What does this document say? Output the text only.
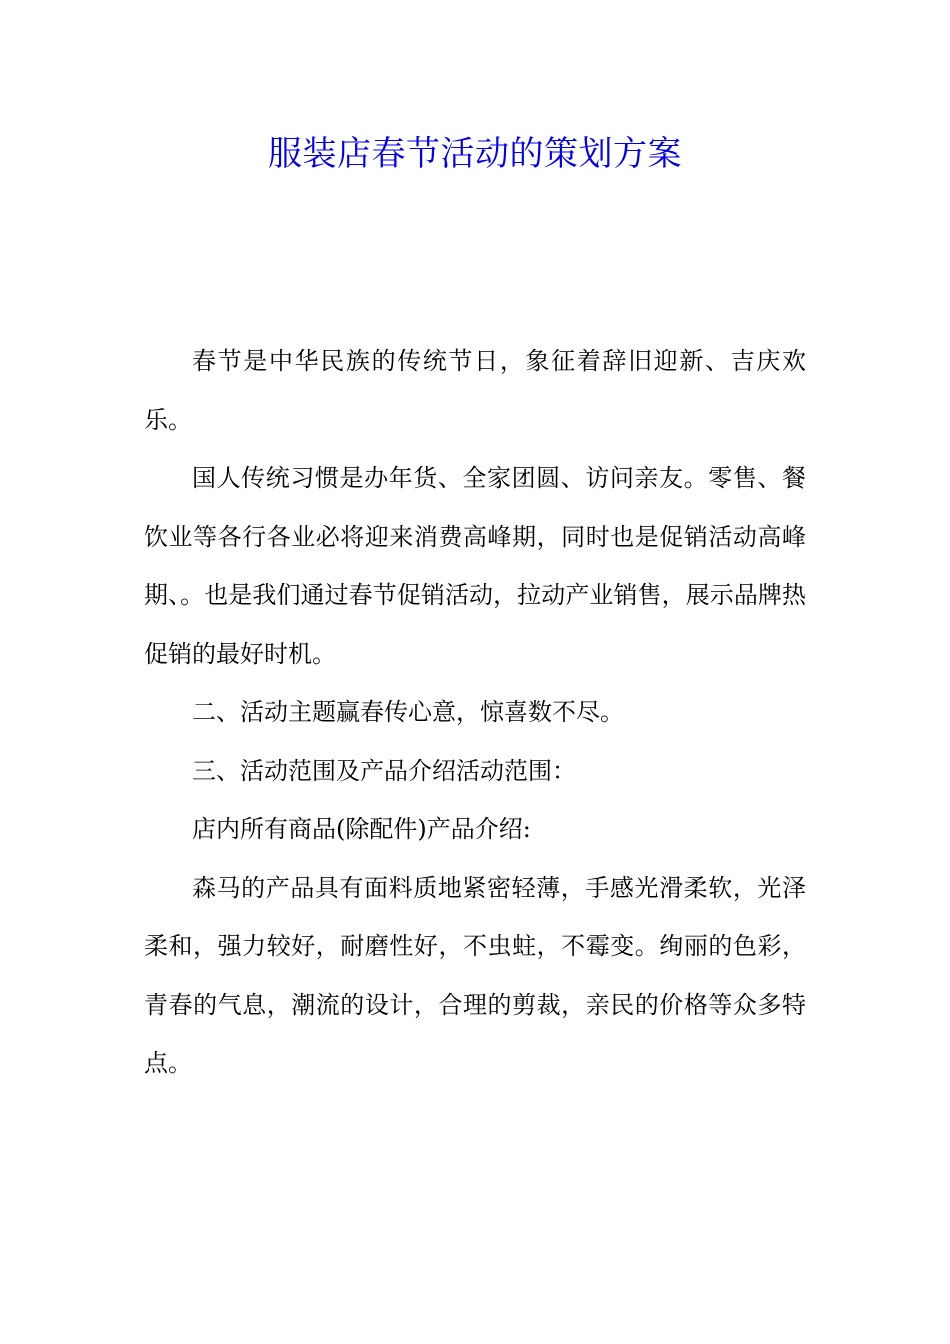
服装店春节活动的策划方案

春节是中华民族的传统节日，象征着辞旧迎新、吉庆欢乐。

国人传统习惯是办年货、全家团圆、访问亲友。零售、餐饮业等各行各业必将迎来消费高峰期，同时也是促销活动高峰期、。也是我们通过春节促销活动，拉动产业销售，展示品牌热促销的最好时机。

二、活动主题赢春传心意，惊喜数不尽。

三、活动范围及产品介绍活动范围：

店内所有商品(除配件)产品介绍:

森马的产品具有面料质地紧密轻薄，手感光滑柔软，光泽柔和，强力较好，耐磨性好，不虫蛀，不霉变。绚丽的色彩，青春的气息，潮流的设计，合理的剪裁，亲民的价格等众多特点。
